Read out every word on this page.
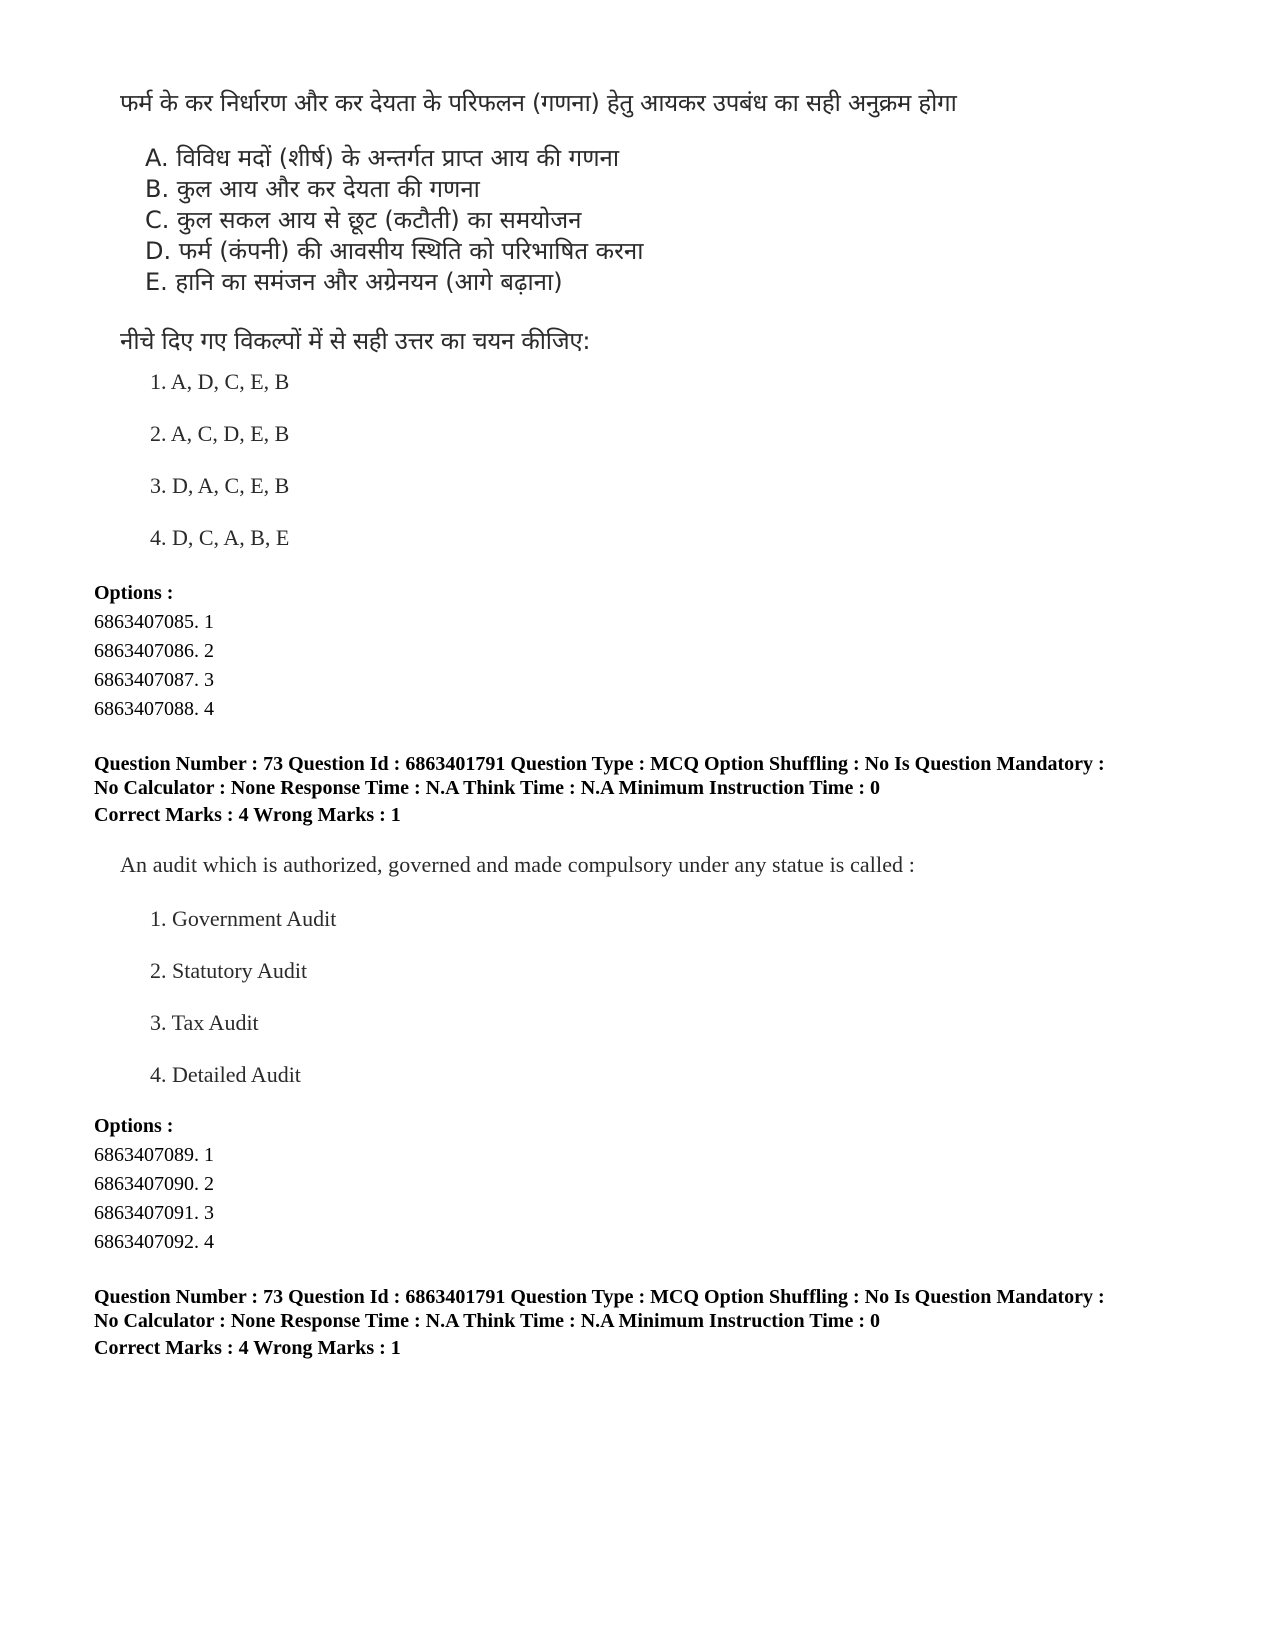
फर्म के कर निर्धारण और कर देयता के परिफलन (गणना) हेतु आयकर उपबंध का सही अनुक्रम होगा
A. विविध मदों (शीर्ष) के अन्तर्गत प्राप्त आय की गणना
B. कुल आय और कर देयता की गणना
C. कुल सकल आय से छूट (कटौती) का समयोजन
D. फर्म (कंपनी) की आवसीय स्थिति को परिभाषित करना
E. हानि का समंजन और अग्रेनयन (आगे बढ़ाना)
नीचे दिए गए विकल्पों में से सही उत्तर का चयन कीजिए:
1. A, D, C, E, B
2. A, C, D, E, B
3. D, A, C, E, B
4. D, C, A, B, E
Options :
6863407085. 1
6863407086. 2
6863407087. 3
6863407088. 4
Question Number : 73 Question Id : 6863401791 Question Type : MCQ Option Shuffling : No Is Question Mandatory :
No Calculator : None Response Time : N.A Think Time : N.A Minimum Instruction Time : 0
Correct Marks : 4 Wrong Marks : 1
An audit which is authorized, governed and made compulsory under any statue is called :
1. Government Audit
2. Statutory Audit
3. Tax Audit
4. Detailed Audit
Options :
6863407089. 1
6863407090. 2
6863407091. 3
6863407092. 4
Question Number : 73 Question Id : 6863401791 Question Type : MCQ Option Shuffling : No Is Question Mandatory :
No Calculator : None Response Time : N.A Think Time : N.A Minimum Instruction Time : 0
Correct Marks : 4 Wrong Marks : 1
